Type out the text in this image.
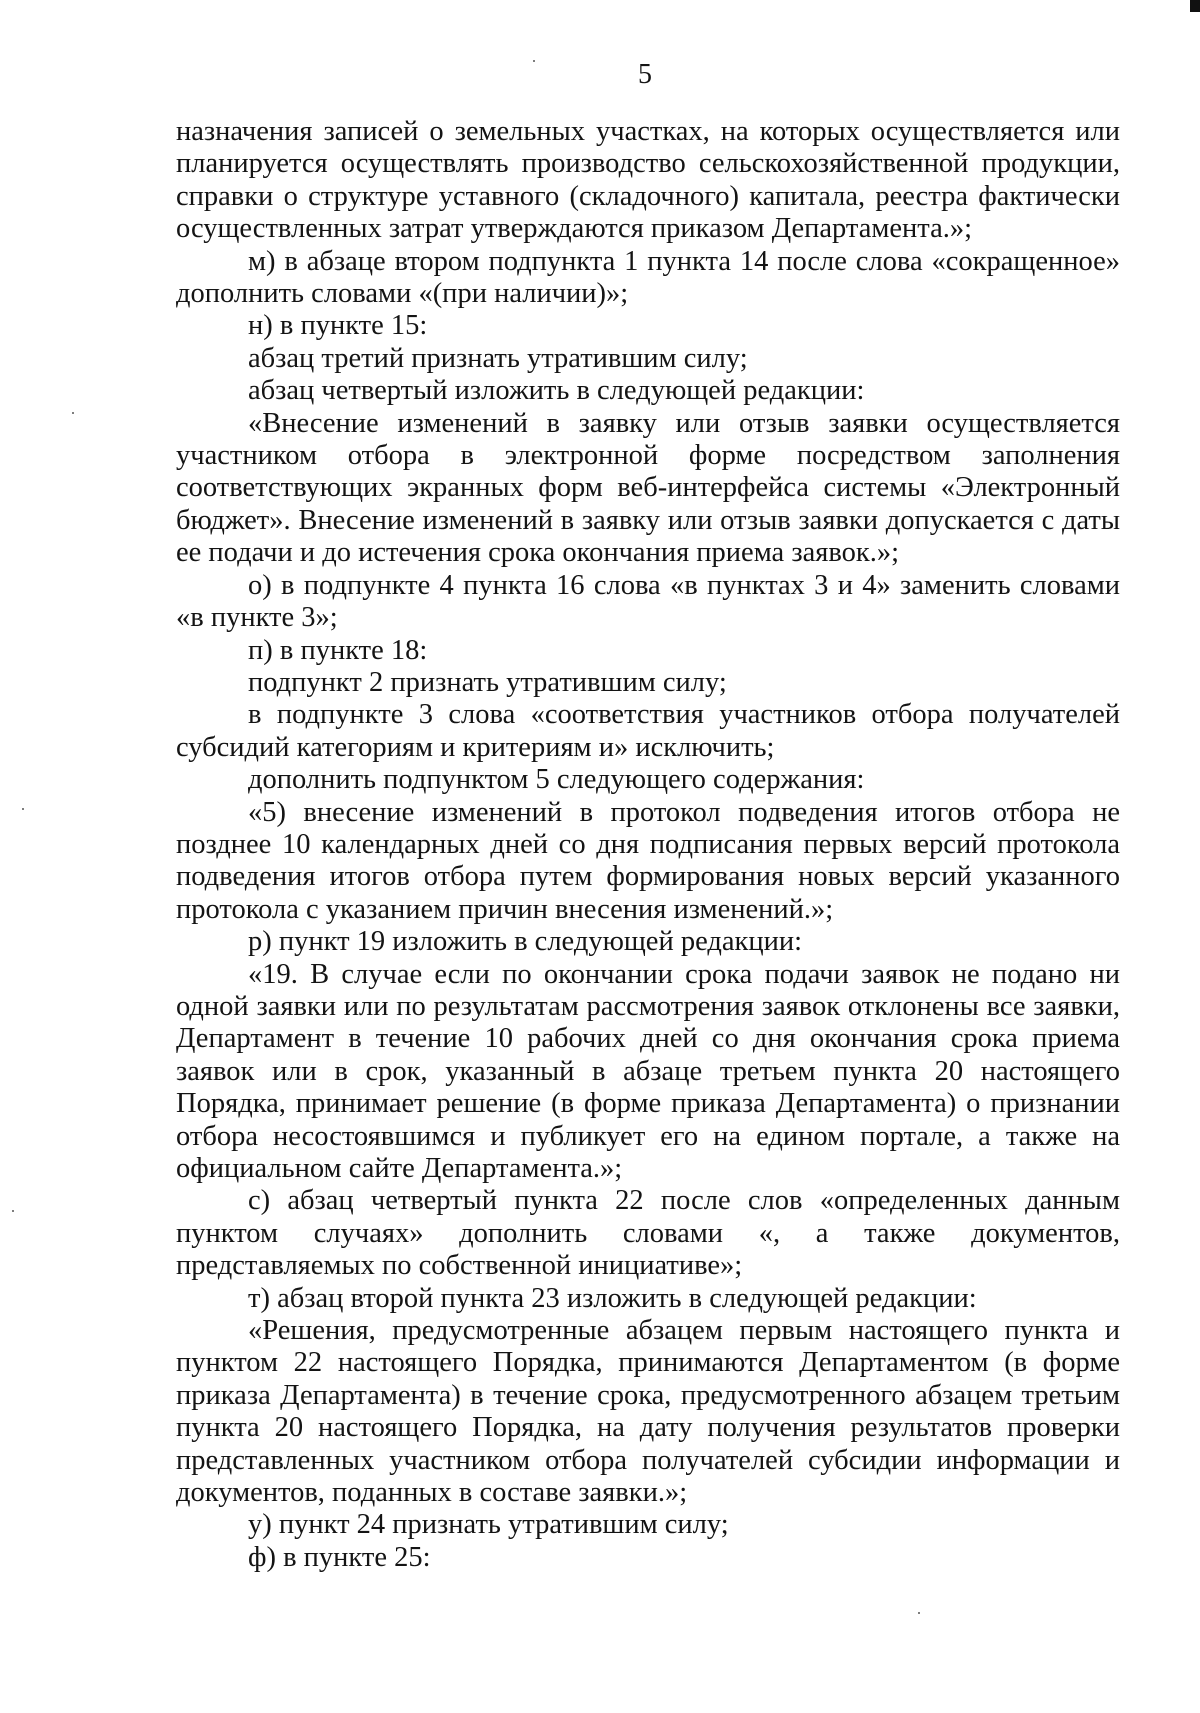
5

назначения записей о земельных участках, на которых осуществляется или планируется осуществлять производство сельскохозяйственной продукции, справки о структуре уставного (складочного) капитала, реестра фактически осуществленных затрат утверждаются приказом Департамента.»;

м) в абзаце втором подпункта 1 пункта 14 после слова «сокращенное» дополнить словами «(при наличии)»;

н) в пункте 15:

абзац третий признать утратившим силу;

абзац четвертый изложить в следующей редакции:

«Внесение изменений в заявку или отзыв заявки осуществляется участником отбора в электронной форме посредством заполнения соответствующих экранных форм веб-интерфейса системы «Электронный бюджет». Внесение изменений в заявку или отзыв заявки допускается с даты ее подачи и до истечения срока окончания приема заявок.»;

о) в подпункте 4 пункта 16 слова «в пунктах 3 и 4» заменить словами «в пункте 3»;

п) в пункте 18:

подпункт 2 признать утратившим силу;

в подпункте 3 слова «соответствия участников отбора получателей субсидий категориям и критериям и» исключить;

дополнить подпунктом 5 следующего содержания:

«5) внесение изменений в протокол подведения итогов отбора не позднее 10 календарных дней со дня подписания первых версий протокола подведения итогов отбора путем формирования новых версий указанного протокола с указанием причин внесения изменений.»;

р) пункт 19 изложить в следующей редакции:

«19. В случае если по окончании срока подачи заявок не подано ни одной заявки или по результатам рассмотрения заявок отклонены все заявки, Департамент в течение 10 рабочих дней со дня окончания срока приема заявок или в срок, указанный в абзаце третьем пункта 20 настоящего Порядка, принимает решение (в форме приказа Департамента) о признании отбора несостоявшимся и публикует его на едином портале, а также на официальном сайте Департамента.»;

с) абзац четвертый пункта 22 после слов «определенных данным пунктом случаях» дополнить словами «, а также документов, представляемых по собственной инициативе»;

т) абзац второй пункта 23 изложить в следующей редакции:

«Решения, предусмотренные абзацем первым настоящего пункта и пунктом 22 настоящего Порядка, принимаются Департаментом (в форме приказа Департамента) в течение срока, предусмотренного абзацем третьим пункта 20 настоящего Порядка, на дату получения результатов проверки представленных участником отбора получателей субсидии информации и документов, поданных в составе заявки.»;

у) пункт 24 признать утратившим силу;

ф) в пункте 25:
